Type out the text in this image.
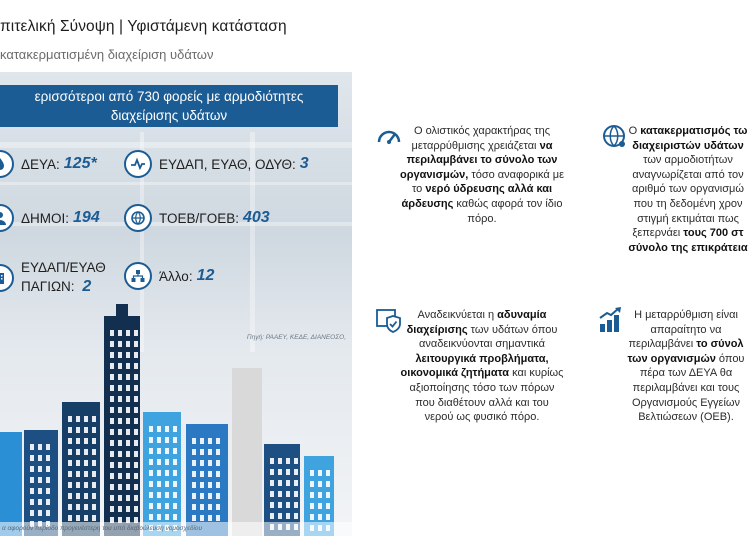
πιτελική Σύνοψη | Υφιστάμενη κατάσταση
κατακερματισμένη διαχείριση υδάτων
ερισσότεροι από 730 φορείς με αρμοδιότητες
διαχείρισης υδάτων
ΔΕΥΑ: 125*	ΕΥΔΑΠ, ΕΥΑΘ, ΟΔΥΘ: 3
ΔΗΜΟΙ: 194	ΤΟΕΒ/ΓΟΕΒ: 403
ΕΥΔΑΠ/ΕΥΑΘ
ΠΑΓΙΩΝ: 2
Άλλο: 12
Πηγή: ΡΑΑΕΥ, ΚΕΔΕ, ΔΙΑΝΕΟΣΟ,
α αφορούν περίοδο προγενέστερη του υπό διαβούλευση νομοσχεδίου
Ο ολιστικός χαρακτήρας της μεταρρύθμισης χρειάζεται να περιλαμβάνει το σύνολο των οργανισμών, τόσο αναφορικά με το νερό ύδρευσης αλλά και άρδευσης καθώς αφορά τον ίδιο πόρο.
Ο κατακερματισμός τω διαχειριστών υδάτων των αρμοδιοτήτων αναγνωρίζεται από τον αριθμό των οργανισμώ που τη δεδομένη χρον στιγμή εκτιμάται πως ξεπερνάει τους 700 στ σύνολο της επικράτεια
Αναδεικνύεται η αδυναμία διαχείρισης των υδάτων όπου αναδεικνύονται σημαντικά λειτουργικά προβλήματα, οικονομικά ζητήματα και κυρίως αξιοποίησης τόσο των πόρων που διαθέτουν αλλά και του νερού ως φυσικό πόρο.
Η μεταρρύθμιση είναι απαραίτητο να περιλαμβάνει το σύνολ των οργανισμών όπου πέρα των ΔΕΥΑ θα περιλαμβάνει και τους Οργανισμούς Εγγείων Βελτιώσεων (ΟΕΒ).
